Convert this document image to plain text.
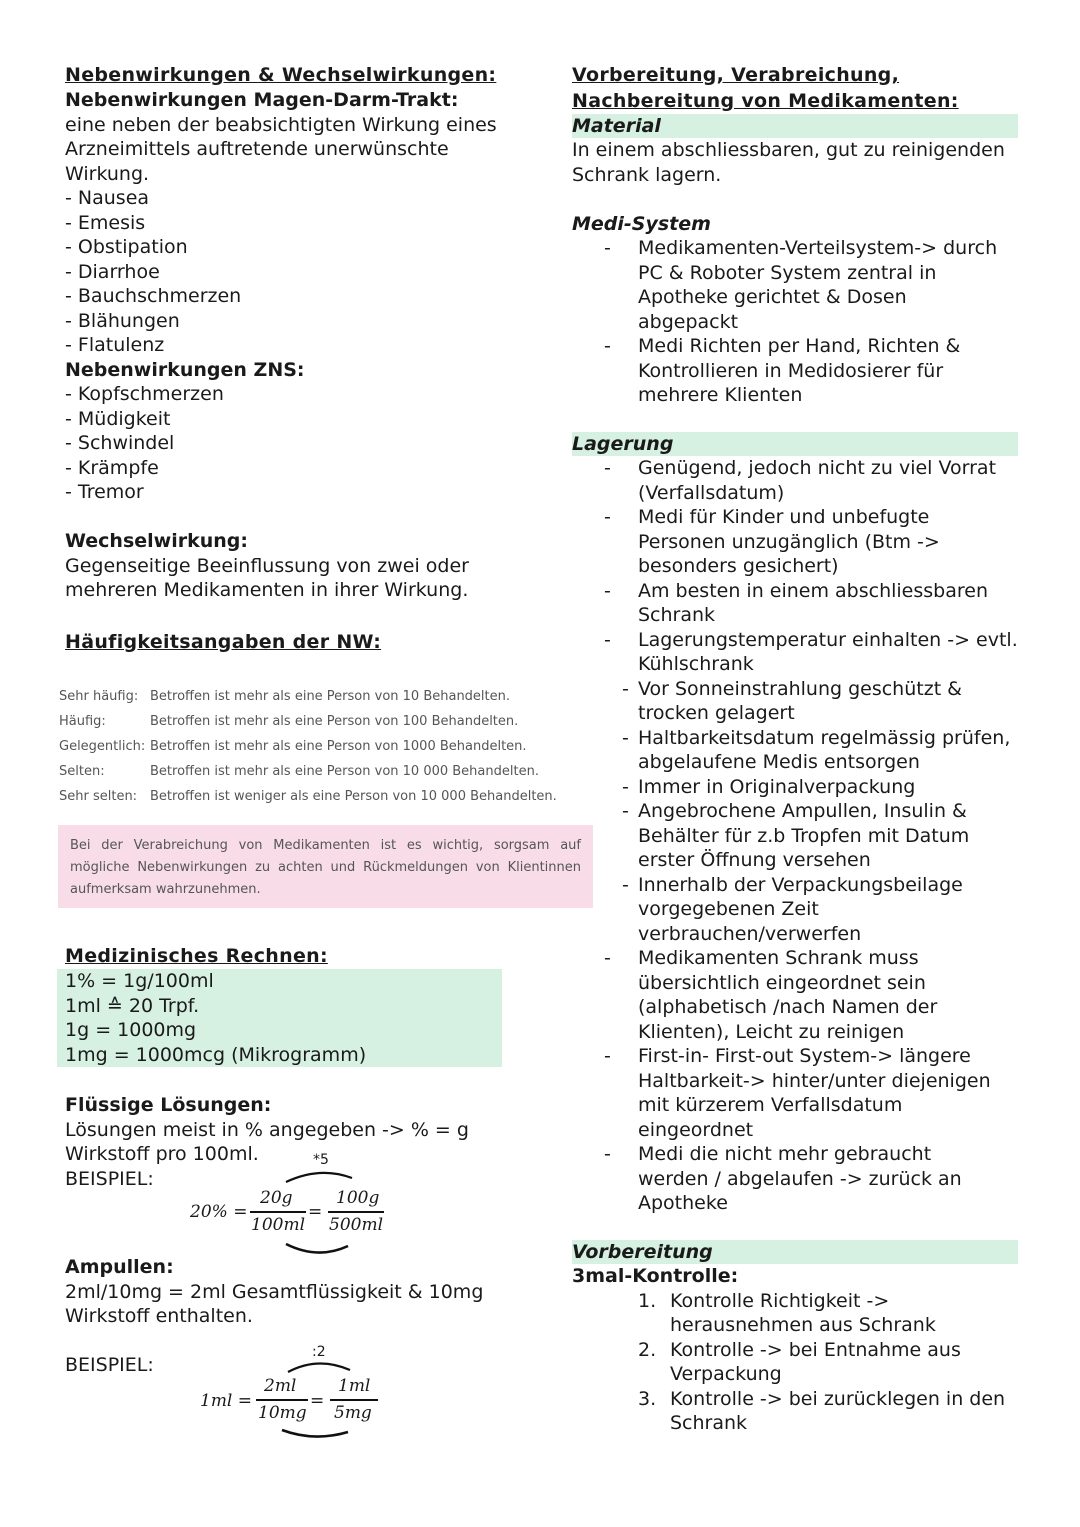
Nebenwirkungen & Wechselwirkungen:
Nebenwirkungen Magen-Darm-Trakt:
eine neben der beabsichtigten Wirkung eines
Arzneimittels auftretende unerwünschte
Wirkung.
- Nausea
- Emesis
- Obstipation
- Diarrhoe
- Bauchschmerzen
- Blähungen
- Flatulenz
Nebenwirkungen ZNS:
- Kopfschmerzen
- Müdigkeit
- Schwindel
- Krämpfe
- Tremor
Wechselwirkung:
Gegenseitige Beeinflussung von zwei oder
mehreren Medikamenten in ihrer Wirkung.
Häufigkeitsangaben der NW:
Sehr häufig:	Betroffen ist mehr als eine Person von 10 Behandelten.
Häufig:	Betroffen ist mehr als eine Person von 100 Behandelten.
Gelegentlich:	Betroffen ist mehr als eine Person von 1000 Behandelten.
Selten:	Betroffen ist mehr als eine Person von 10 000 Behandelten.
Sehr selten:	Betroffen ist weniger als eine Person von 10 000 Behandelten.
Bei der Verabreichung von Medikamenten ist es wichtig, sorgsam auf mögliche Nebenwirkungen zu achten und Rückmeldungen von Klientinnen aufmerksam wahrzunehmen.
Medizinisches Rechnen:
1% = 1g/100ml
1ml ≙ 20 Trpf.
1g = 1000mg
1mg = 1000mcg (Mikrogramm)
Flüssige Lösungen:
Lösungen meist in % angegeben -> % = g
Wirkstoff pro 100ml.
BEISPIEL:
*5
20% =
20g
100ml
=
100g
500ml
Ampullen:
2ml/10mg = 2ml Gesamtflüssigkeit & 10mg
Wirkstoff enthalten.
BEISPIEL:
:2
1ml =
2ml
10mg
=
1ml
5mg
Vorbereitung, Verabreichung,
Nachbereitung von Medikamenten:
Material
In einem abschliessbaren, gut zu reinigenden
Schrank lagern.
Medi-System
- Medikamenten-Verteilsystem-> durch
PC & Roboter System zentral in
Apotheke gerichtet & Dosen
abgepackt
- Medi Richten per Hand, Richten &
Kontrollieren in Medidosierer für
mehrere Klienten
Lagerung
- Genügend, jedoch nicht zu viel Vorrat
(Verfallsdatum)
- Medi für Kinder und unbefugte
Personen unzugänglich (Btm ->
besonders gesichert)
- Am besten in einem abschliessbaren
Schrank
- Lagerungstemperatur einhalten -> evtl.
Kühlschrank
- Vor Sonneinstrahlung geschützt &
trocken gelagert
- Haltbarkeitsdatum regelmässig prüfen,
abgelaufene Medis entsorgen
- Immer in Originalverpackung
- Angebrochene Ampullen, Insulin &
Behälter für z.b Tropfen mit Datum
erster Öffnung versehen
- Innerhalb der Verpackungsbeilage
vorgegebenen Zeit
verbrauchen/verwerfen
- Medikamenten Schrank muss
übersichtlich eingeordnet sein
(alphabetisch /nach Namen der
Klienten), Leicht zu reinigen
- First-in- First-out System-> längere
Haltbarkeit-> hinter/unter diejenigen
mit kürzerem Verfallsdatum
eingeordnet
- Medi die nicht mehr gebraucht
werden / abgelaufen -> zurück an
Apotheke
Vorbereitung
3mal-Kontrolle:
1. Kontrolle Richtigkeit ->
herausnehmen aus Schrank
2. Kontrolle -> bei Entnahme aus
Verpackung
3. Kontrolle -> bei zurücklegen in den
Schrank
